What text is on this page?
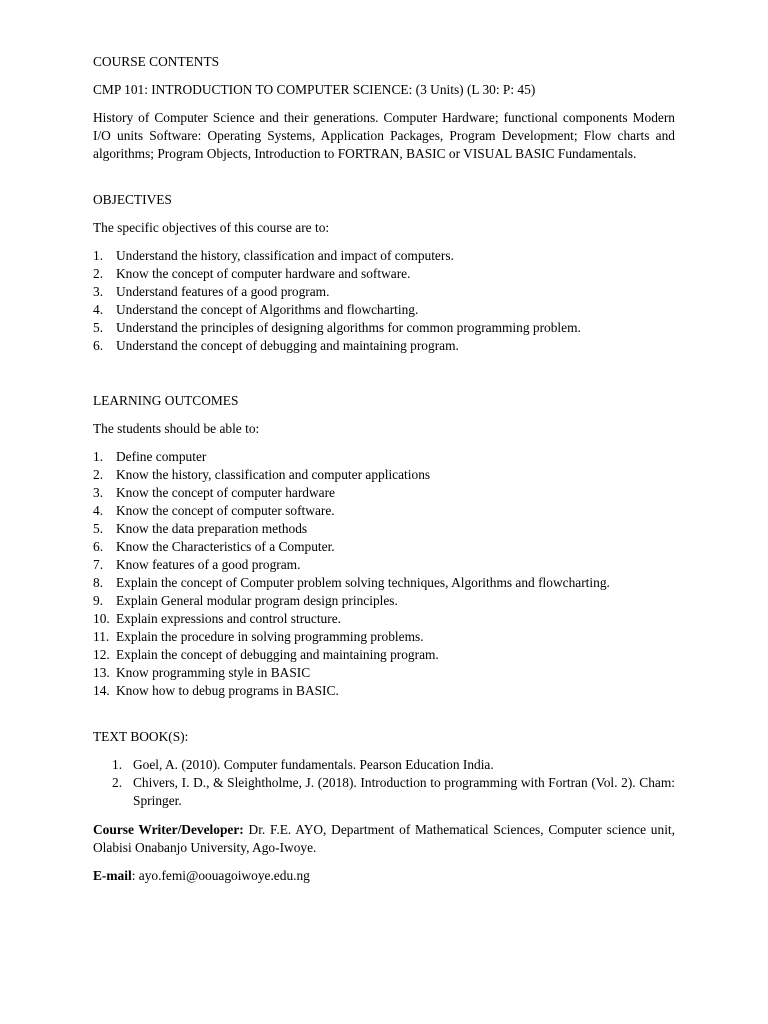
COURSE CONTENTS

CMP 101: INTRODUCTION TO COMPUTER SCIENCE: (3 Units) (L 30: P: 45)

History of Computer Science and their generations. Computer Hardware; functional components Modern I/O units Software: Operating Systems, Application Packages, Program Development; Flow charts and algorithms; Program Objects, Introduction to FORTRAN, BASIC or VISUAL BASIC Fundamentals.

OBJECTIVES

The specific objectives of this course are to:

1. Understand the history, classification and impact of computers.
2. Know the concept of computer hardware and software.
3. Understand features of a good program.
4. Understand the concept of Algorithms and flowcharting.
5. Understand the principles of designing algorithms for common programming problem.
6. Understand the concept of debugging and maintaining program.

LEARNING OUTCOMES

The students should be able to:

1. Define computer
2. Know the history, classification and computer applications
3. Know the concept of computer hardware
4. Know the concept of computer software.
5. Know the data preparation methods
6. Know the Characteristics of a Computer.
7. Know features of a good program.
8. Explain the concept of Computer problem solving techniques, Algorithms and flowcharting.
9. Explain General modular program design principles.
10. Explain expressions and control structure.
11. Explain the procedure in solving programming problems.
12. Explain the concept of debugging and maintaining program.
13. Know programming style in BASIC
14. Know how to debug programs in BASIC.

TEXT BOOK(S):

1. Goel, A. (2010). Computer fundamentals. Pearson Education India.
2. Chivers, I. D., & Sleightholme, J. (2018). Introduction to programming with Fortran (Vol. 2). Cham: Springer.

Course Writer/Developer: Dr. F.E. AYO, Department of Mathematical Sciences, Computer science unit, Olabisi Onabanjo University, Ago-Iwoye.

E-mail: ayo.femi@oouagoiwoye.edu.ng
